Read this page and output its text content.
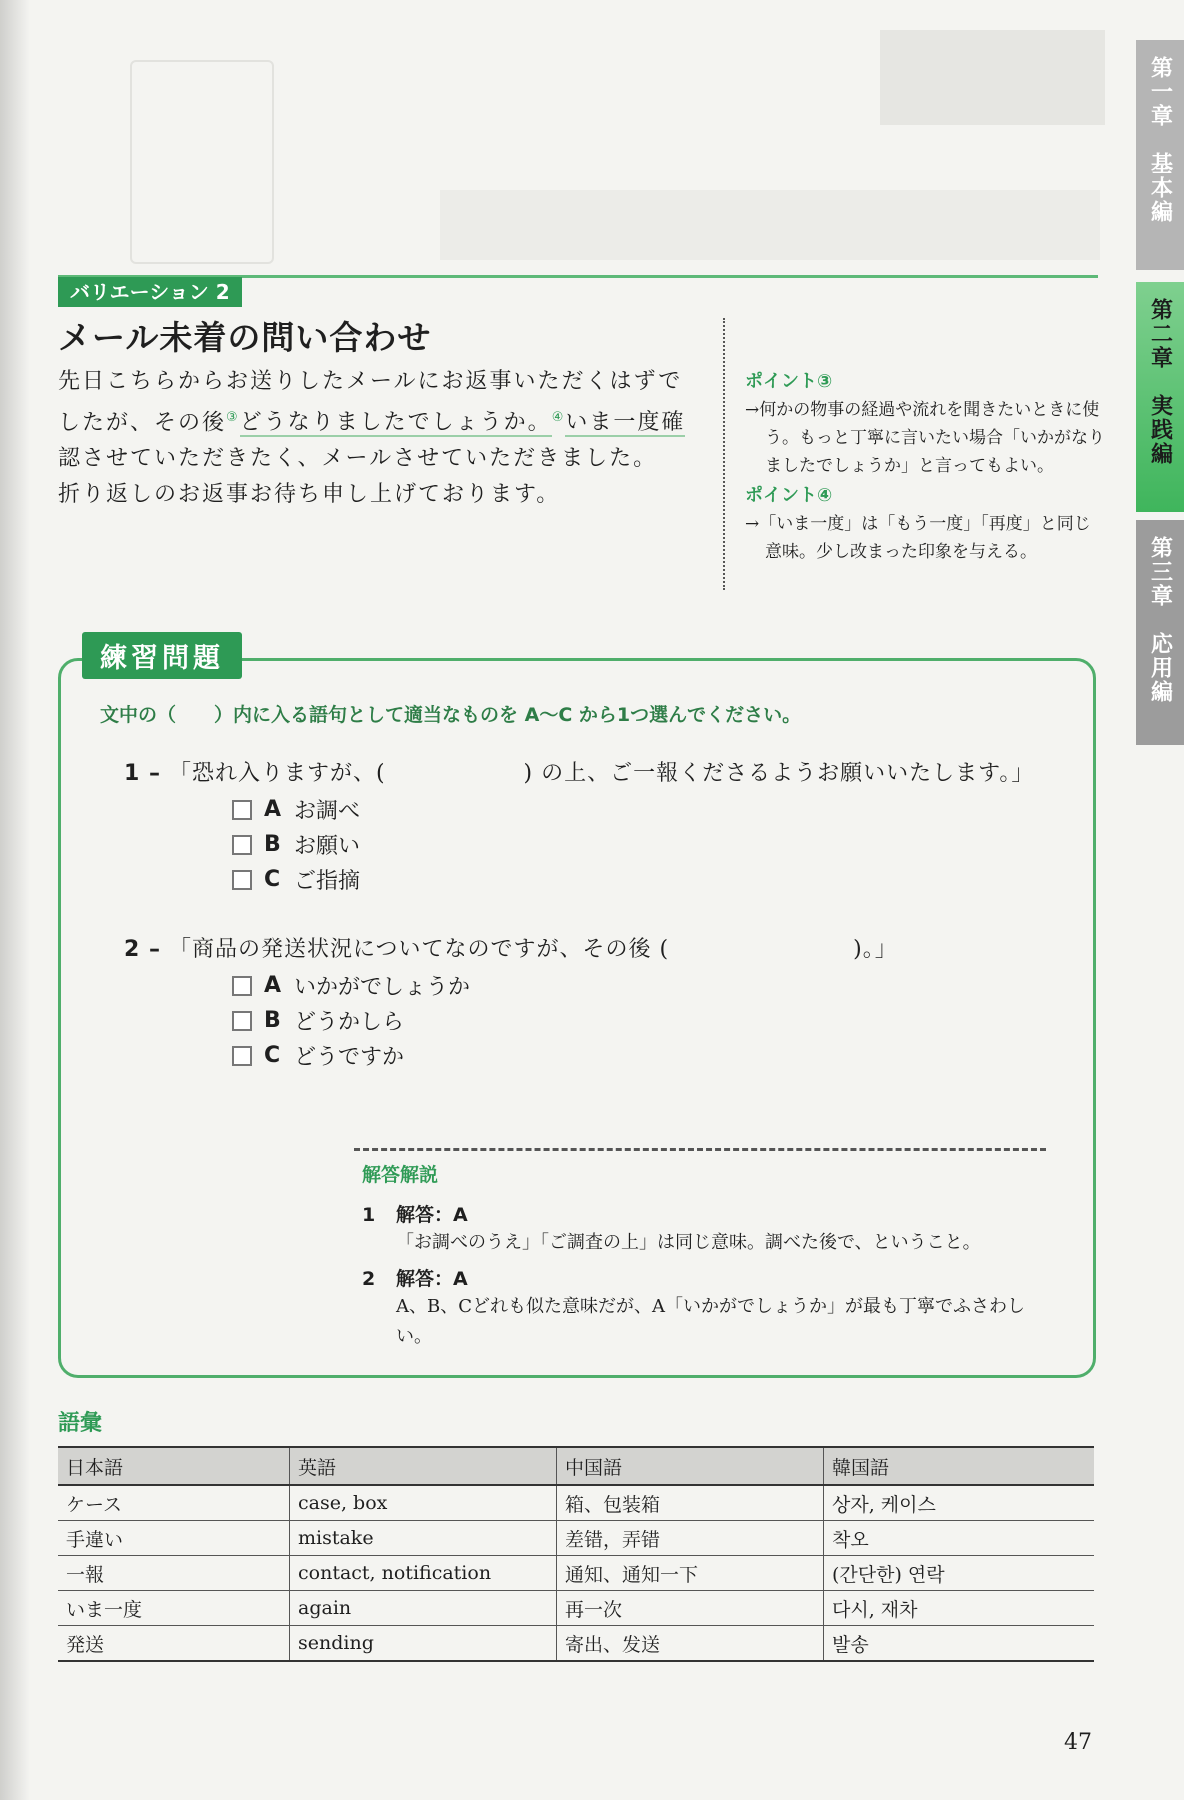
第一章　基本編
第二章　実践編
第三章　応用編
バリエーション 2
メール未着の問い合わせ
先日こちらからお送りしたメールにお返事いただくはずで
したが、その後③どうなりましたでしょうか。④いま一度確
認させていただきたく、メールさせていただきました。
折り返しのお返事お待ち申し上げております。
ポイント③
→何かの物事の経過や流れを聞きたいときに使う。もっと丁寧に言いたい場合「いかがなりましたでしょうか」と言ってもよい。
ポイント④
→「いま一度」は「もう一度」「再度」と同じ意味。少し改まった印象を与える。
練習問題
文中の（　　）内に入る語句として適当なものを A〜C から1つ選んでください。
1 – 「恐れ入りますが、(　　　　　　) の上、ご一報くださるようお願いいたします。」
A お調べ
B お願い
C ご指摘
2 – 「商品の発送状況についてなのですが、その後 (　　　　　　　　)。」
A いかがでしょうか
B どうかしら
C どうですか
解答解説
1 解答：A
「お調べのうえ」「ご調査の上」は同じ意味。調べた後で、ということ。
2 解答：A
A、B、Cどれも似た意味だが、A「いかがでしょうか」が最も丁寧でふさわしい。
語彙
日本語	英語	中国語	韓国語
ケース	case, box	箱、包装箱	상자, 케이스
手違い	mistake	差错，弄错	착오
一報	contact, notification	通知、通知一下	(간단한) 연락
いま一度	again	再一次	다시, 재차
発送	sending	寄出、发送	발송
47
